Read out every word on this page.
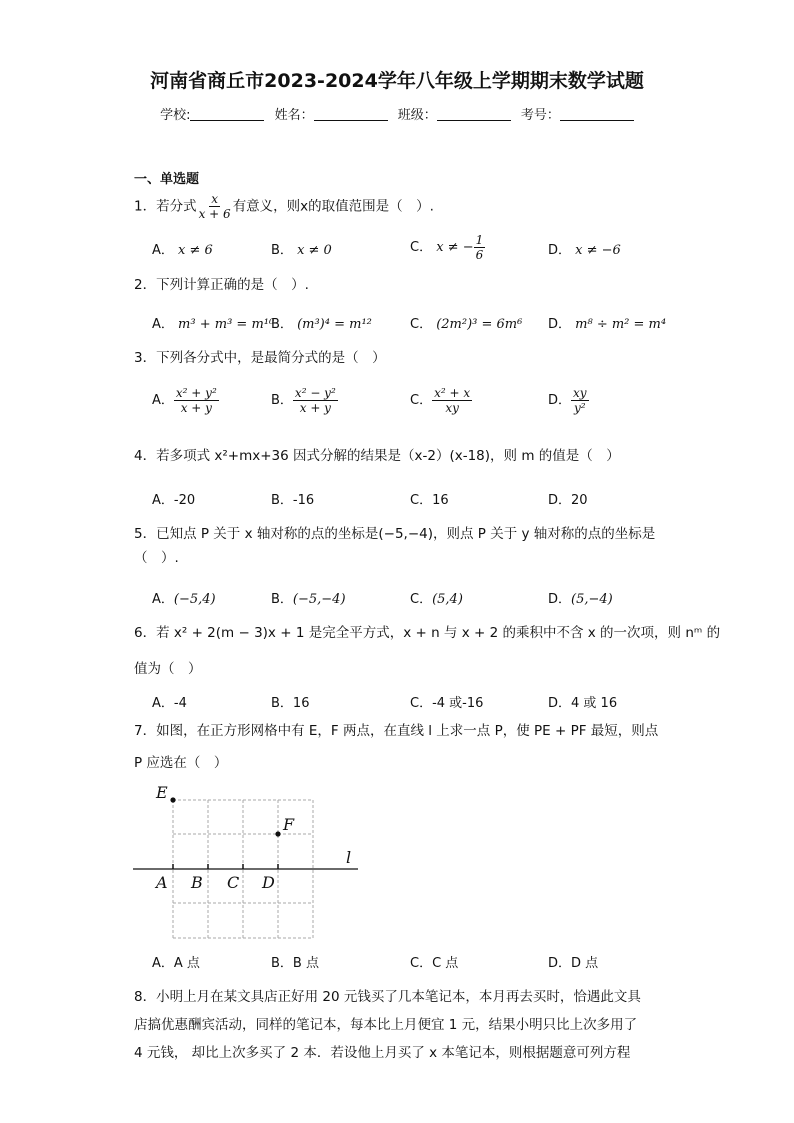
河南省商丘市2023-2024学年八年级上学期期末数学试题
学校:	姓名：	班级：	考号：
一、单选题
1．若分式 $\frac{x}{x + 6}$ 有意义，则x的取值范围是（　）.
A． x ≠ 6	B． x ≠ 0	C． x ≠ − $\frac{1}{6}$	D． x ≠ −6
2．下列计算正确的是（　）.
A． m³ + m³ = m¹⁰
B． (m³)⁴ = m¹²	C． (2m²)³ = 6m⁶ D． m⁸ ÷ m² = m⁴
3．下列各分式中，是最简分式的是（　）
A． $\frac{\text{x² + y²}}{x + y}$	B． $\frac{\text{x² − y²}}{x + y}$	C． $\frac{\text{x² + x}}{xy}$	D． $\frac{xy}{\text{y²}}$
4．若多项式 x²+mx+36 因式分解的结果是（x-2）(x-18)，则 m 的值是（　）
A．-20	B．-16	C．16	D．20
5．已知点 P 关于 x 轴对称的点的坐标是(−5,−4)，则点 P 关于 y 轴对称的点的坐标是
（　）.
A．(−5,4)	B．(−5,−4)	C．(5,4)	D．(5,−4)
6．若 x² + 2(m − 3)x + 1 是完全平方式，x + n 与 x + 2 的乘积中不含 x 的一次项，则 nᵐ 的
值为（　）
A．-4	B．16	C．-4 或-16	D．4 或 16
7．如图，在正方形网格中有 E，F 两点，在直线 l 上求一点 P，使 PE + PF 最短，则点
P 应选在（　）
E
F
l
A B C D
A．A 点	B．B 点	C．C 点	D．D 点
8．小明上月在某文具店正好用 20 元钱买了几本笔记本，本月再去买时，恰遇此文具
店搞优惠酬宾活动，同样的笔记本，每本比上月便宜 1 元，结果小明只比上次多用了
4 元钱， 却比上次多买了 2 本．若设他上月买了 x 本笔记本，则根据题意可列方程
